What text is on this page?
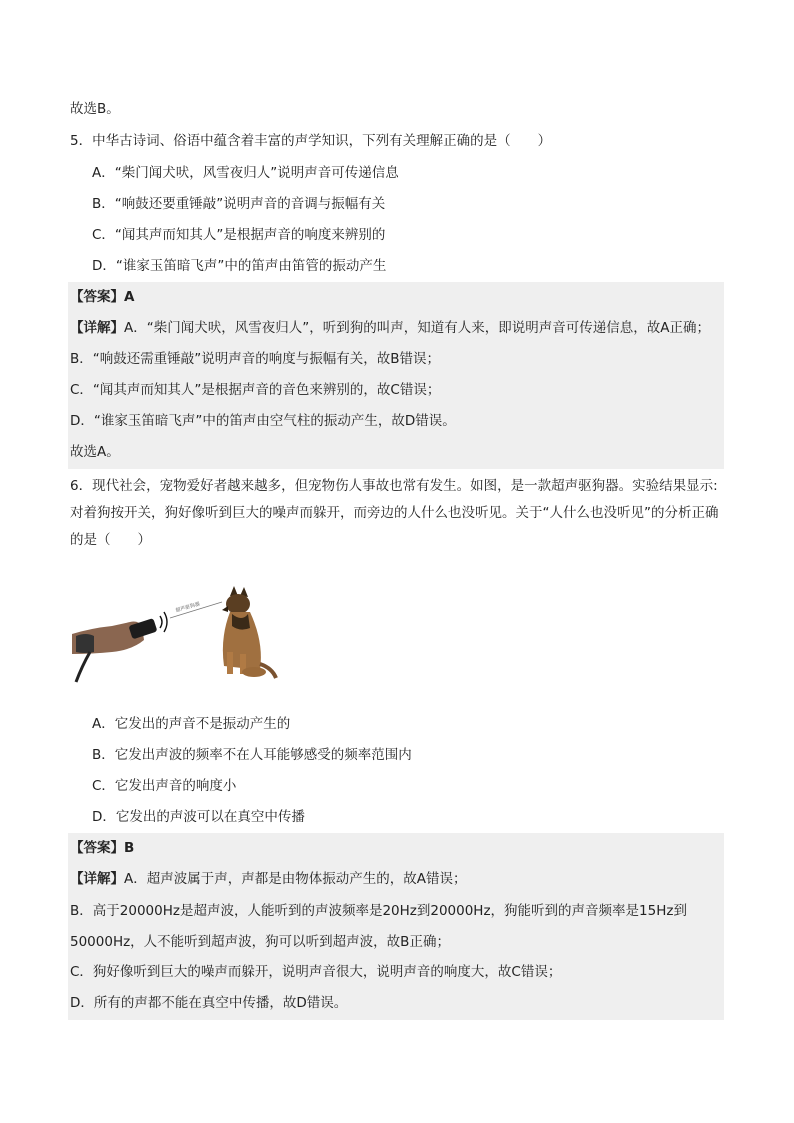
故选B。
5．中华古诗词、俗语中蕴含着丰富的声学知识，下列有关理解正确的是（　　）
A．“柴门闻犬吠，风雪夜归人”说明声音可传递信息
B．“响鼓还要重锤敲”说明声音的音调与振幅有关
C．“闻其声而知其人”是根据声音的响度来辨别的
D．“谁家玉笛暗飞声”中的笛声由笛管的振动产生
【答案】A
【详解】A．“柴门闻犬吠，风雪夜归人”，听到狗的叫声，知道有人来，即说明声音可传递信息，故A正确；
B．“响鼓还需重锤敲”说明声音的响度与振幅有关，故B错误；
C．“闻其声而知其人”是根据声音的音色来辨别的，故C错误；
D．“谁家玉笛暗飞声”中的笛声由空气柱的振动产生，故D错误。
故选A。
6．现代社会，宠物爱好者越来越多，但宠物伤人事故也常有发生。如图，是一款超声驱狗器。实验结果显示: 对着狗按开关，狗好像听到巨大的噪声而躲开，而旁边的人什么也没听见。关于“人什么也没听见”的分析正确的是（　　）
超声驱狗器
A．它发出的声音不是振动产生的
B．它发出声波的频率不在人耳能够感受的频率范围内
C．它发出声音的响度小
D．它发出的声波可以在真空中传播
【答案】B
【详解】A．超声波属于声，声都是由物体振动产生的，故A错误；
B．高于20000Hz是超声波，人能听到的声波频率是20Hz到20000Hz，狗能听到的声音频率是15Hz到50000Hz，人不能听到超声波，狗可以听到超声波，故B正确；
C．狗好像听到巨大的噪声而躲开，说明声音很大，说明声音的响度大，故C错误；
D．所有的声都不能在真空中传播，故D错误。
